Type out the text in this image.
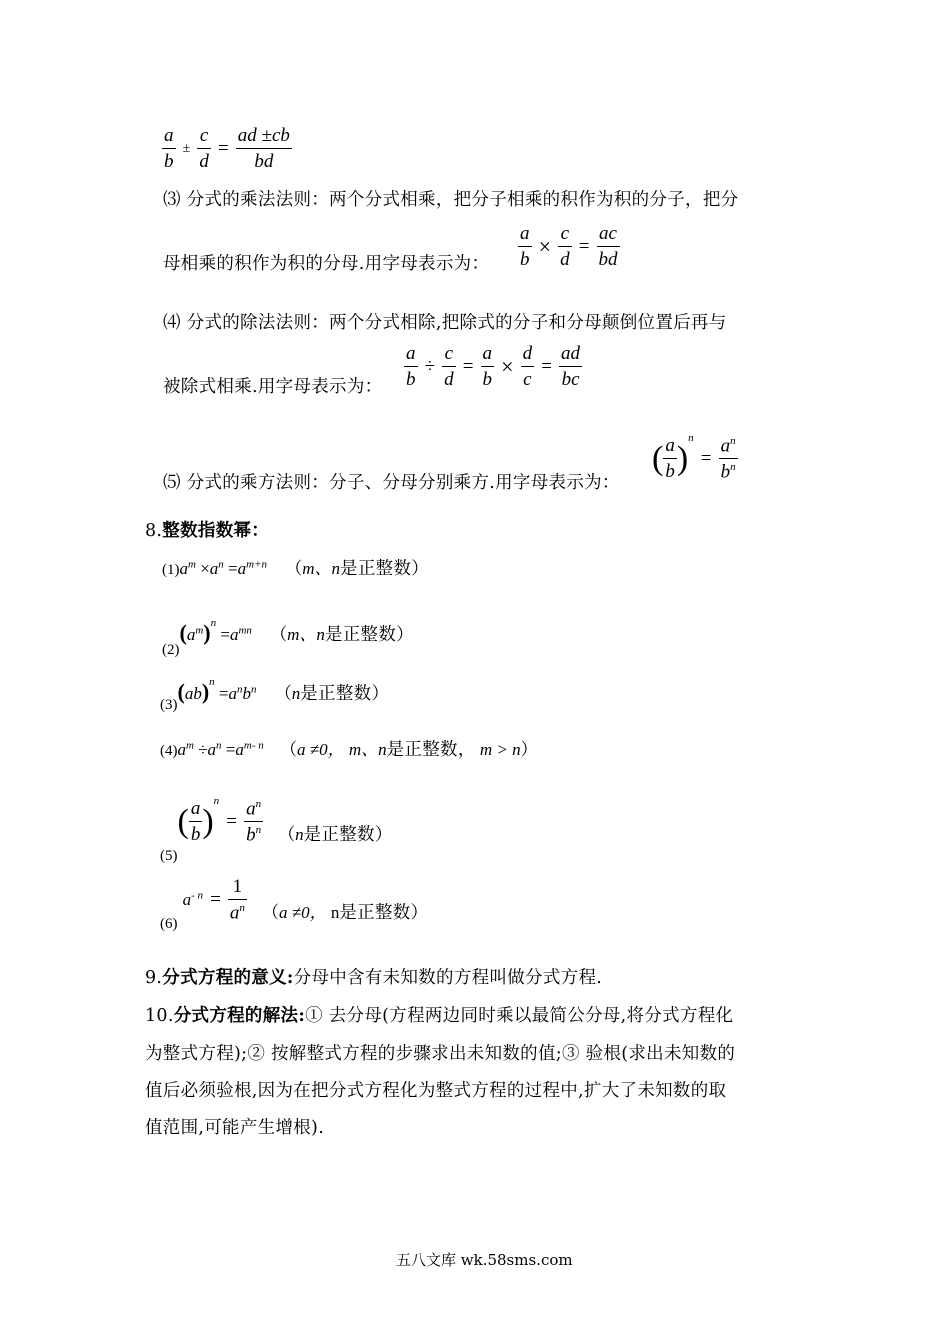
$\frac{a}{b} \pm \frac{c}{d} = \frac{ad \pm cb}{bd}$
⑶ 分式的乘法法则：两个分式相乘，把分子相乘的积作为积的分子，把分
母相乘的积作为积的分母.用字母表示为： $\frac{a}{b} \times \frac{c}{d} = \frac{ac}{bd}$
⑷ 分式的除法法则：两个分式相除,把除式的分子和分母颠倒位置后再与
被除式相乘.用字母表示为： $\frac{a}{b} \div \frac{c}{d} = \frac{a}{b} \times \frac{d}{c} = \frac{ad}{bc}$
⑸ 分式的乘方法则：分子、分母分别乘方.用字母表示为：
( $\frac{a}{b} )^n = \frac{a^n}{b^n}$
8.整数指数幂：
$(1)a^m \times a^n =a^{m+n}$ （m、n是正整数）
$(2)(a^m)^n =a^{mn}$ （m、n是正整数）
$(3)(ab)^n =a^nb^n$ （n是正整数）
$(4)a^m \div a^n =a^{m- n}$ （a ≠0， m、n是正整数， m > n）
$(5)( \frac{a}{b} )^n = \frac{a^n}{b^n} (n$是正整数）
(6) $a^{- n} = \frac{1}{a^n} (a \ne 0$， n是正整数）
9.分式方程的意义:分母中含有未知数的方程叫做分式方程.
10.分式方程的解法:① 去分母(方程两边同时乘以最简公分母,将分式方程化
为整式方程);② 按解整式方程的步骤求出未知数的值;③ 验根(求出未知数的
值后必须验根,因为在把分式方程化为整式方程的过程中,扩大了未知数的取
值范围,可能产生增根).
五八文库 wk.58sms.com
